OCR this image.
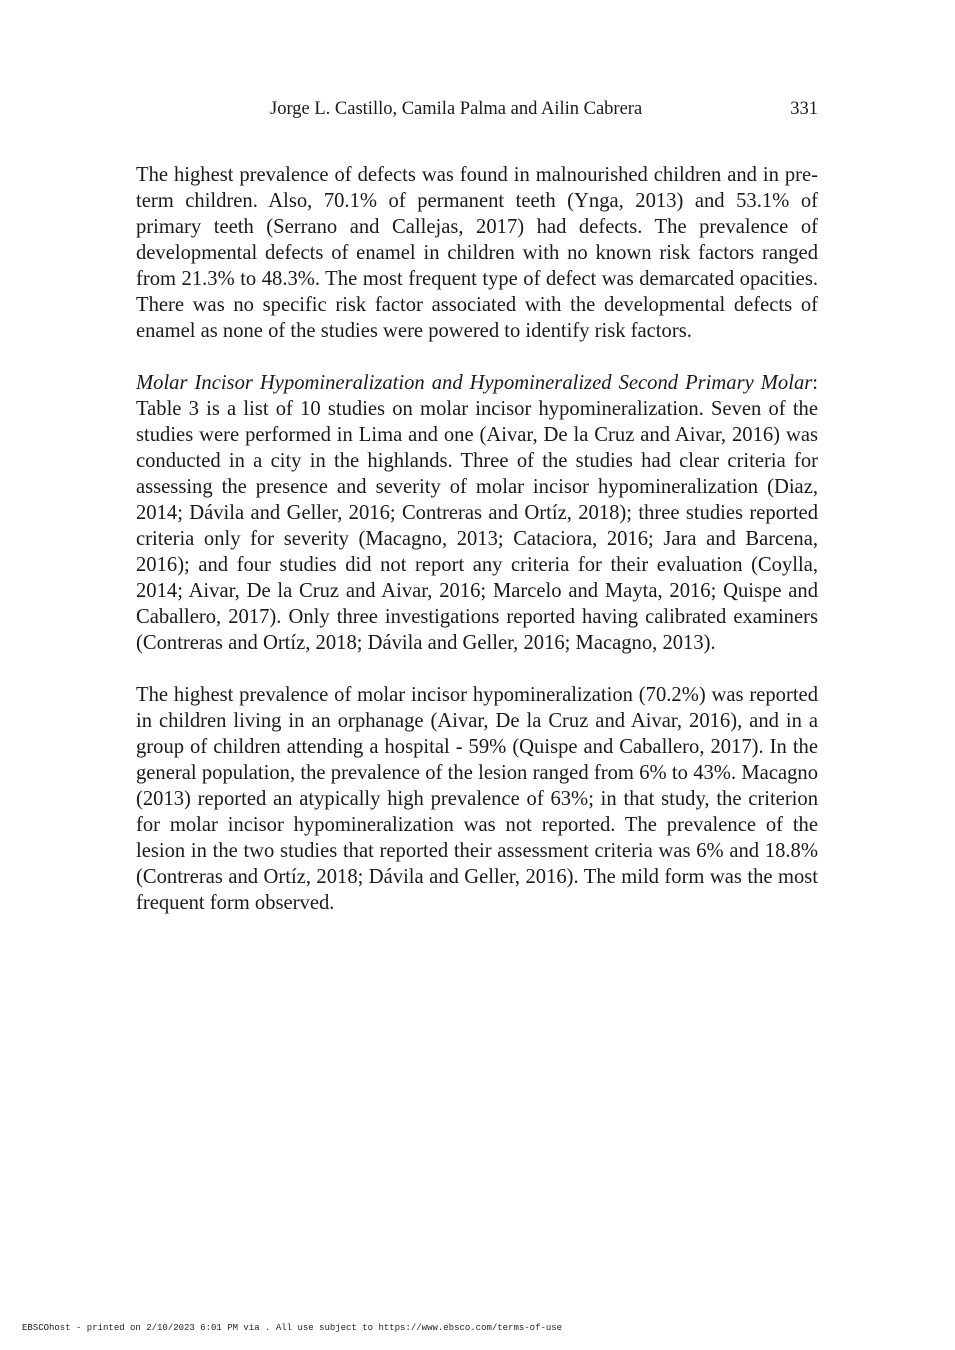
Jorge L. Castillo, Camila Palma and Ailin Cabrera	331

The highest prevalence of defects was found in malnourished children and in pre-term children. Also, 70.1% of permanent teeth (Ynga, 2013) and 53.1% of primary teeth (Serrano and Callejas, 2017) had defects. The prevalence of developmental defects of enamel in children with no known risk factors ranged from 21.3% to 48.3%. The most frequent type of defect was demarcated opacities. There was no specific risk factor associated with the developmental defects of enamel as none of the studies were powered to identify risk factors.

Molar Incisor Hypomineralization and Hypomineralized Second Primary Molar: Table 3 is a list of 10 studies on molar incisor hypomineralization. Seven of the studies were performed in Lima and one (Aivar, De la Cruz and Aivar, 2016) was conducted in a city in the highlands. Three of the studies had clear criteria for assessing the presence and severity of molar incisor hypomineralization (Diaz, 2014; Dávila and Geller, 2016; Contreras and Ortíz, 2018); three studies reported criteria only for severity (Macagno, 2013; Cataciora, 2016; Jara and Barcena, 2016); and four studies did not report any criteria for their evaluation (Coylla, 2014; Aivar, De la Cruz and Aivar, 2016; Marcelo and Mayta, 2016; Quispe and Caballero, 2017). Only three investigations reported having calibrated examiners (Contreras and Ortíz, 2018; Dávila and Geller, 2016; Macagno, 2013).

The highest prevalence of molar incisor hypomineralization (70.2%) was reported in children living in an orphanage (Aivar, De la Cruz and Aivar, 2016), and in a group of children attending a hospital - 59% (Quispe and Caballero, 2017). In the general population, the prevalence of the lesion ranged from 6% to 43%. Macagno (2013) reported an atypically high prevalence of 63%; in that study, the criterion for molar incisor hypomineralization was not reported. The prevalence of the lesion in the two studies that reported their assessment criteria was 6% and 18.8% (Contreras and Ortíz, 2018; Dávila and Geller, 2016). The mild form was the most frequent form observed.

EBSCOhost - printed on 2/10/2023 6:01 PM via . All use subject to https://www.ebsco.com/terms-of-use
